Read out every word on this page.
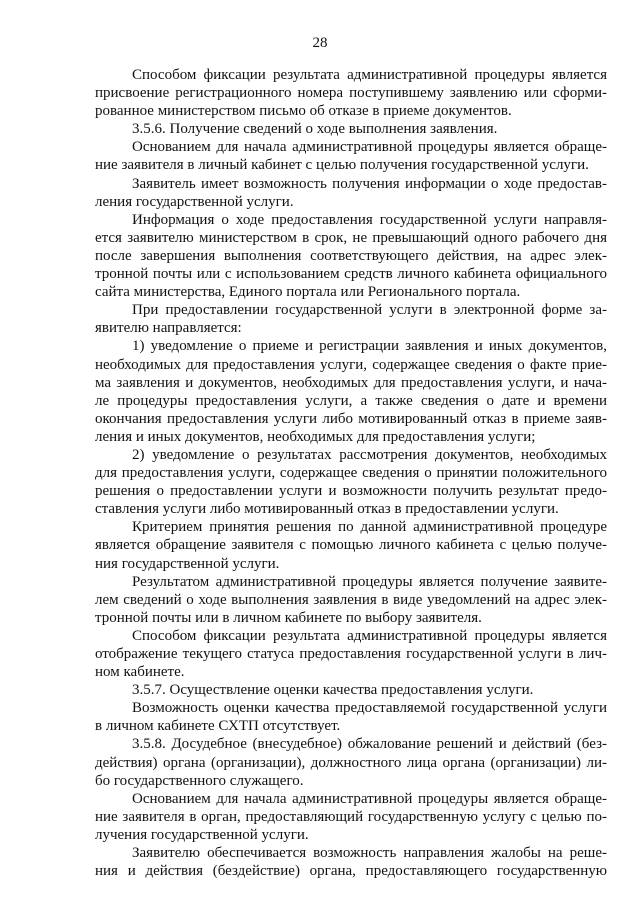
28
Способом фиксации результата административной процедуры является
присвоение регистрационного номера поступившему заявлению или сформи-
рованное министерством письмо об отказе в приеме документов.
3.5.6. Получение сведений о ходе выполнения заявления.
Основанием для начала административной процедуры является обраще-
ние заявителя в личный кабинет с целью получения государственной услуги.
Заявитель имеет возможность получения информации о ходе предостав-
ления государственной услуги.
Информация о ходе предоставления государственной услуги направля-
ется заявителю министерством в срок, не превышающий одного рабочего дня
после завершения выполнения соответствующего действия, на адрес элек-
тронной почты или с использованием средств личного кабинета официального
сайта министерства, Единого портала или Регионального портала.
При предоставлении государственной услуги в электронной форме за-
явителю направляется:
1) уведомление о приеме и регистрации заявления и иных документов,
необходимых для предоставления услуги, содержащее сведения о факте прие-
ма заявления и документов, необходимых для предоставления услуги, и нача-
ле процедуры предоставления услуги, а также сведения о дате и времени
окончания предоставления услуги либо мотивированный отказ в приеме заяв-
ления и иных документов, необходимых для предоставления услуги;
2) уведомление о результатах рассмотрения документов, необходимых
для предоставления услуги, содержащее сведения о принятии положительного
решения о предоставлении услуги и возможности получить результат предо-
ставления услуги либо мотивированный отказ в предоставлении услуги.
Критерием принятия решения по данной административной процедуре
является обращение заявителя с помощью личного кабинета с целью получе-
ния государственной услуги.
Результатом административной процедуры является получение заявите-
лем сведений о ходе выполнения заявления в виде уведомлений на адрес элек-
тронной почты или в личном кабинете по выбору заявителя.
Способом фиксации результата административной процедуры является
отображение текущего статуса предоставления государственной услуги в лич-
ном кабинете.
3.5.7. Осуществление оценки качества предоставления услуги.
Возможность оценки качества предоставляемой государственной услуги
в личном кабинете СХТП отсутствует.
3.5.8. Досудебное (внесудебное) обжалование решений и действий (без-
действия) органа (организации), должностного лица органа (организации) ли-
бо государственного служащего.
Основанием для начала административной процедуры является обраще-
ние заявителя в орган, предоставляющий государственную услугу с целью по-
лучения государственной услуги.
Заявителю обеспечивается возможность направления жалобы на реше-
ния и действия (бездействие) органа, предоставляющего государственную
